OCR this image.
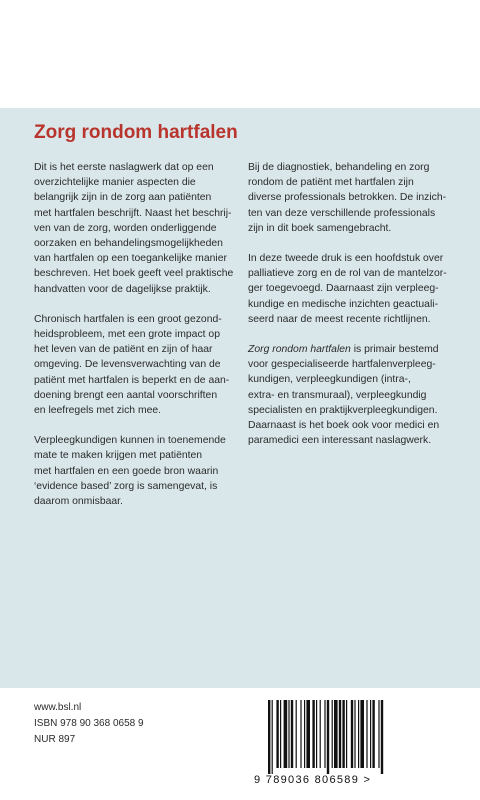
Zorg rondom hartfalen

Dit is het eerste naslagwerk dat op een
overzichtelijke manier aspecten die
belangrijk zijn in de zorg aan patiënten
met hartfalen beschrijft. Naast het beschrij-
ven van de zorg, worden onderliggende
oorzaken en behandelingsmogelijkheden
van hartfalen op een toegankelijke manier
beschreven. Het boek geeft veel praktische
handvatten voor de dagelijkse praktijk.

Chronisch hartfalen is een groot gezond-
heidsprobleem, met een grote impact op
het leven van de patiënt en zijn of haar
omgeving. De levensverwachting van de
patiënt met hartfalen is beperkt en de aan-
doening brengt een aantal voorschriften
en leefregels met zich mee.

Verpleegkundigen kunnen in toenemende
mate te maken krijgen met patiënten
met hartfalen en een goede bron waarin
‘evidence based’ zorg is samengevat, is
daarom onmisbaar.

Bij de diagnostiek, behandeling en zorg
rondom de patiënt met hartfalen zijn
diverse professionals betrokken. De inzich-
ten van deze verschillende professionals
zijn in dit boek samengebracht.

In deze tweede druk is een hoofdstuk over
palliatieve zorg en de rol van de mantelzor-
ger toegevoegd. Daarnaast zijn verpleeg-
kundige en medische inzichten geactuali-
seerd naar de meest recente richtlijnen.

Zorg rondom hartfalen is primair bestemd
voor gespecialiseerde hartfalenverpleeg-
kundigen, verpleegkundigen (intra-,
extra- en transmuraal), verpleegkundig
specialisten en praktijkverpleegkundigen.
Daarnaast is het boek ook voor medici en
paramedici een interessant naslagwerk.

www.bsl.nl
ISBN 978 90 368 0658 9
NUR 897
9 789036 806589 >
